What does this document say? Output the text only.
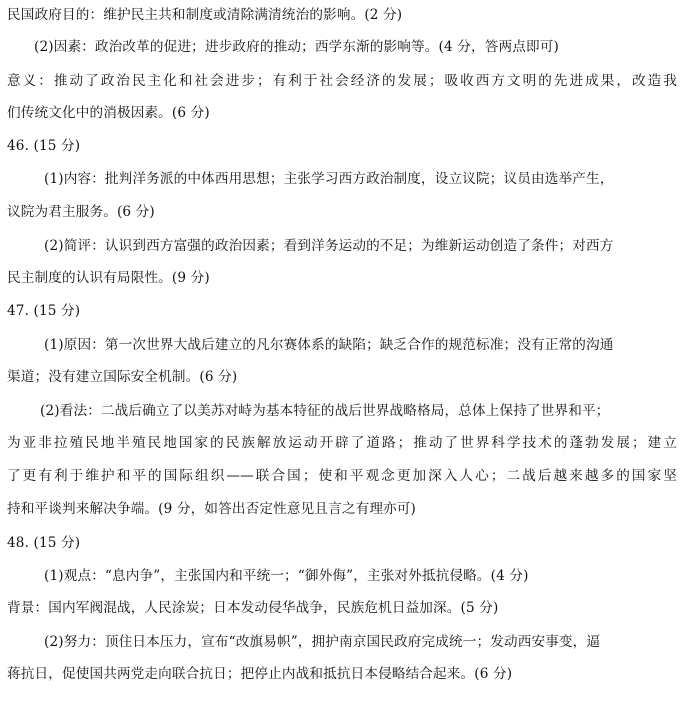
民国政府目的：维护民主共和制度或清除满清统治的影响。(2 分)
(2)因素：政治改革的促进；进步政府的推动；西学东渐的影响等。(4 分，答两点即可)
意义：推动了政治民主化和社会进步；有利于社会经济的发展；吸收西方文明的先进成果，改造我
们传统文化中的消极因素。(6 分)
46. (15 分)
(1)内容：批判洋务派的中体西用思想；主张学习西方政治制度，设立议院；议员由选举产生，
议院为君主服务。(6 分)
(2)简评：认识到西方富强的政治因素；看到洋务运动的不足；为维新运动创造了条件；对西方
民主制度的认识有局限性。(9 分)
47. (15 分)
(1)原因：第一次世界大战后建立的凡尔赛体系的缺陷；缺乏合作的规范标准；没有正常的沟通
渠道；没有建立国际安全机制。(6 分)
(2)看法：二战后确立了以美苏对峙为基本特征的战后世界战略格局，总体上保持了世界和平；
为亚非拉殖民地半殖民地国家的民族解放运动开辟了道路；推动了世界科学技术的蓬勃发展；建立
了更有利于维护和平的国际组织——联合国；使和平观念更加深入人心；二战后越来越多的国家坚
持和平谈判来解决争端。(9 分，如答出否定性意见且言之有理亦可)
48. (15 分)
(1)观点：“息内争”，主张国内和平统一；“御外侮”，主张对外抵抗侵略。(4 分)
背景：国内军阀混战，人民涂炭；日本发动侵华战争，民族危机日益加深。(5 分)
(2)努力：顶住日本压力，宣布“改旗易帜”，拥护南京国民政府完成统一；发动西安事变，逼
蒋抗日，促使国共两党走向联合抗日；把停止内战和抵抗日本侵略结合起来。(6 分)
